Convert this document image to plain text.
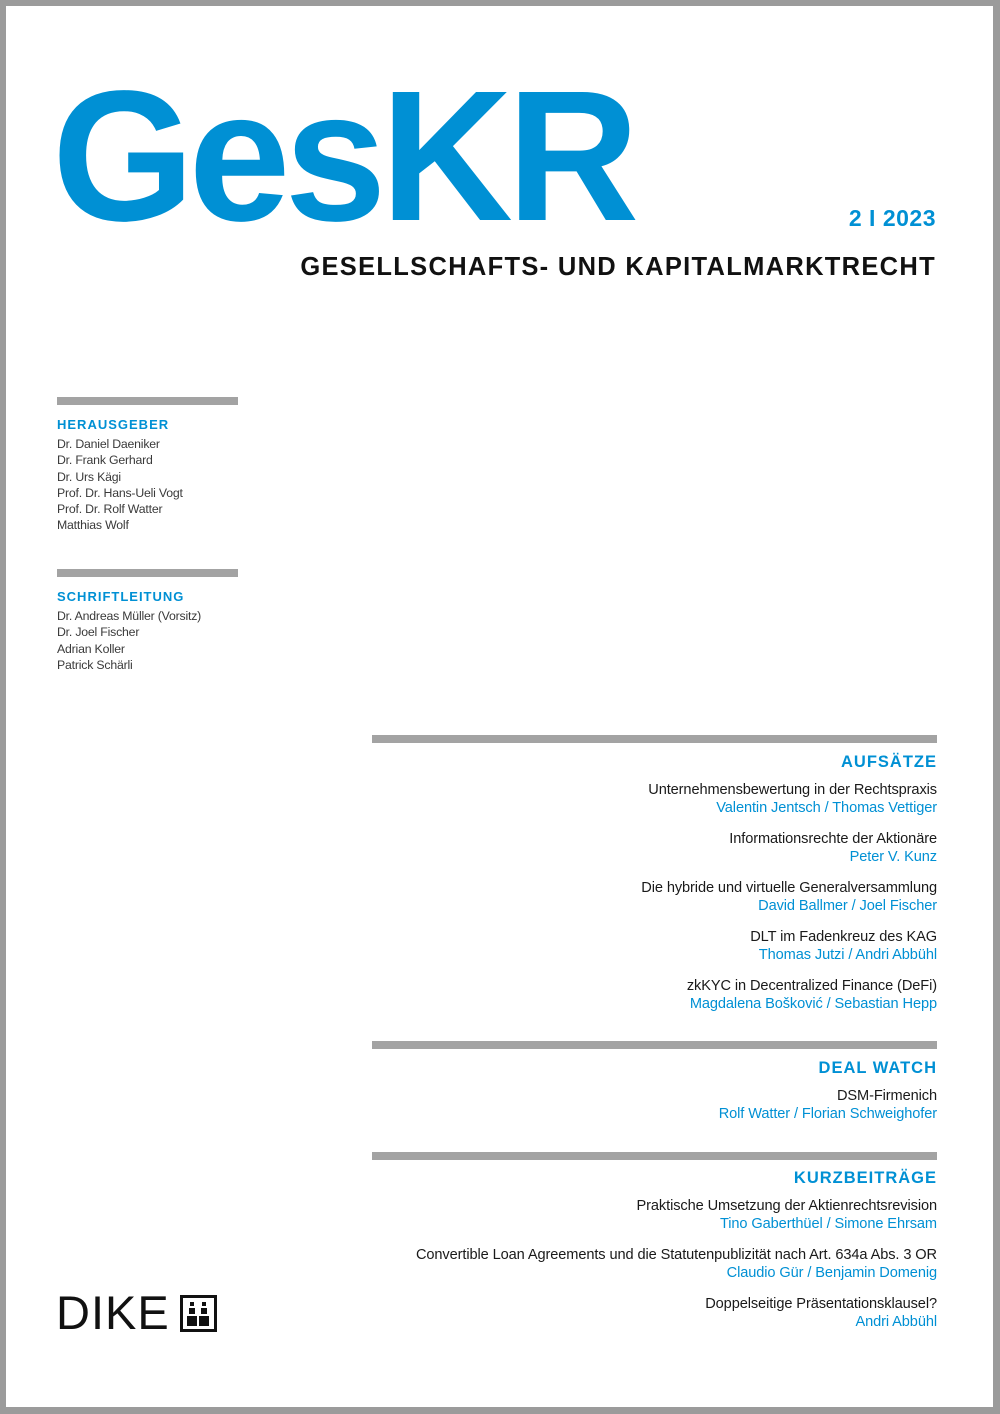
GesKR	2 I 2023
GESELLSCHAFTS- UND KAPITALMARKTRECHT
HERAUSGEBER
Dr. Daniel Daeniker
Dr. Frank Gerhard
Dr. Urs Kägi
Prof. Dr. Hans-Ueli Vogt
Prof. Dr. Rolf Watter
Matthias Wolf
SCHRIFTLEITUNG
Dr. Andreas Müller (Vorsitz)
Dr. Joel Fischer
Adrian Koller
Patrick Schärli
AUFSÄTZE
Unternehmensbewertung in der Rechtspraxis
Valentin Jentsch / Thomas Vettiger
Informationsrechte der Aktionäre
Peter V. Kunz
Die hybride und virtuelle Generalversammlung
David Ballmer / Joel Fischer
DLT im Fadenkreuz des KAG
Thomas Jutzi / Andri Abbühl
zkKYC in Decentralized Finance (DeFi)
Magdalena Bošković / Sebastian Hepp
DEAL WATCH
DSM-Firmenich
Rolf Watter / Florian Schweighofer
KURZBEITRÄGE
Praktische Umsetzung der Aktienrechtsrevision
Tino Gaberthüel / Simone Ehrsam
Convertible Loan Agreements und die Statutenpublizität nach Art. 634a Abs. 3 OR
Claudio Gür / Benjamin Domenig
Doppelseitige Präsentationsklausel?
Andri Abbühl
DIKE
